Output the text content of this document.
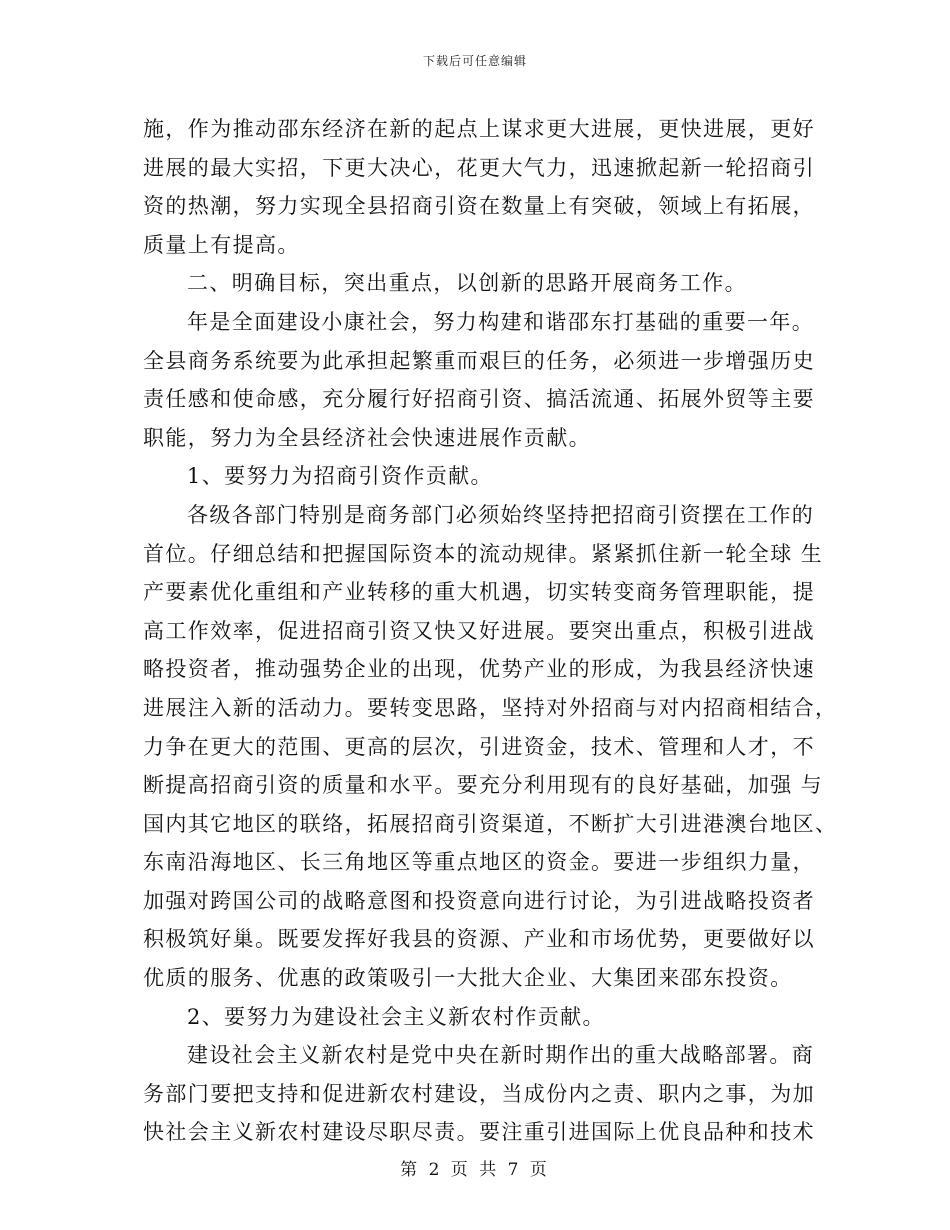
下载后可任意编辑
施，作为推动邵东经济在新的起点上谋求更大进展，更快进展，更好
进展的最大实招，下更大决心，花更大气力，迅速掀起新一轮招商引
资的热潮，努力实现全县招商引资在数量上有突破，领域上有拓展，
质量上有提高。
二、明确目标，突出重点，以创新的思路开展商务工作。
年是全面建设小康社会，努力构建和谐邵东打基础的重要一年。
全县商务系统要为此承担起繁重而艰巨的任务，必须进一步增强历史
责任感和使命感，充分履行好招商引资、搞活流通、拓展外贸等主要
职能，努力为全县经济社会快速进展作贡献。
1、要努力为招商引资作贡献。
各级各部门特别是商务部门必须始终坚持把招商引资摆在工作的
首位。仔细总结和把握国际资本的流动规律。紧紧抓住新一轮全球 生
产要素优化重组和产业转移的重大机遇，切实转变商务管理职能，提
高工作效率，促进招商引资又快又好进展。要突出重点，积极引进战
略投资者，推动强势企业的出现，优势产业的形成，为我县经济快速
进展注入新的活动力。要转变思路，坚持对外招商与对内招商相结合，
力争在更大的范围、更高的层次，引进资金，技术、管理和人才，不
断提高招商引资的质量和水平。要充分利用现有的良好基础，加强 与
国内其它地区的联络，拓展招商引资渠道，不断扩大引进港澳台地区、
东南沿海地区、长三角地区等重点地区的资金。要进一步组织力量，
加强对跨国公司的战略意图和投资意向进行讨论，为引进战略投资者
积极筑好巢。既要发挥好我县的资源、产业和市场优势，更要做好以
优质的服务、优惠的政策吸引一大批大企业、大集团来邵东投资。
2、要努力为建设社会主义新农村作贡献。
建设社会主义新农村是党中央在新时期作出的重大战略部署。商
务部门要把支持和促进新农村建设，当成份内之责、职内之事，为加
快社会主义新农村建设尽职尽责。要注重引进国际上优良品种和技术
第 2 页 共 7 页
